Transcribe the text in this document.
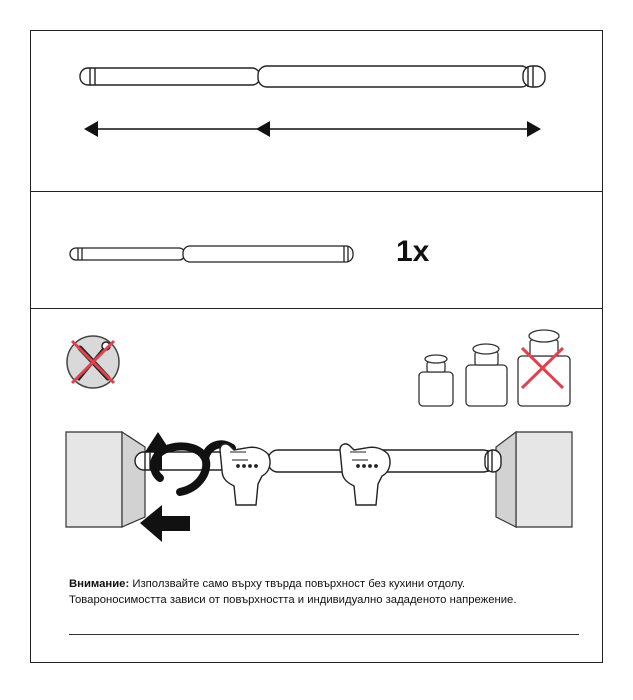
1x
Внимание: Използвайте само върху твърда повърхност без кухини отдолу.
Товароносимостта зависи от повърхността и индивидуално зададеното напрежение.
